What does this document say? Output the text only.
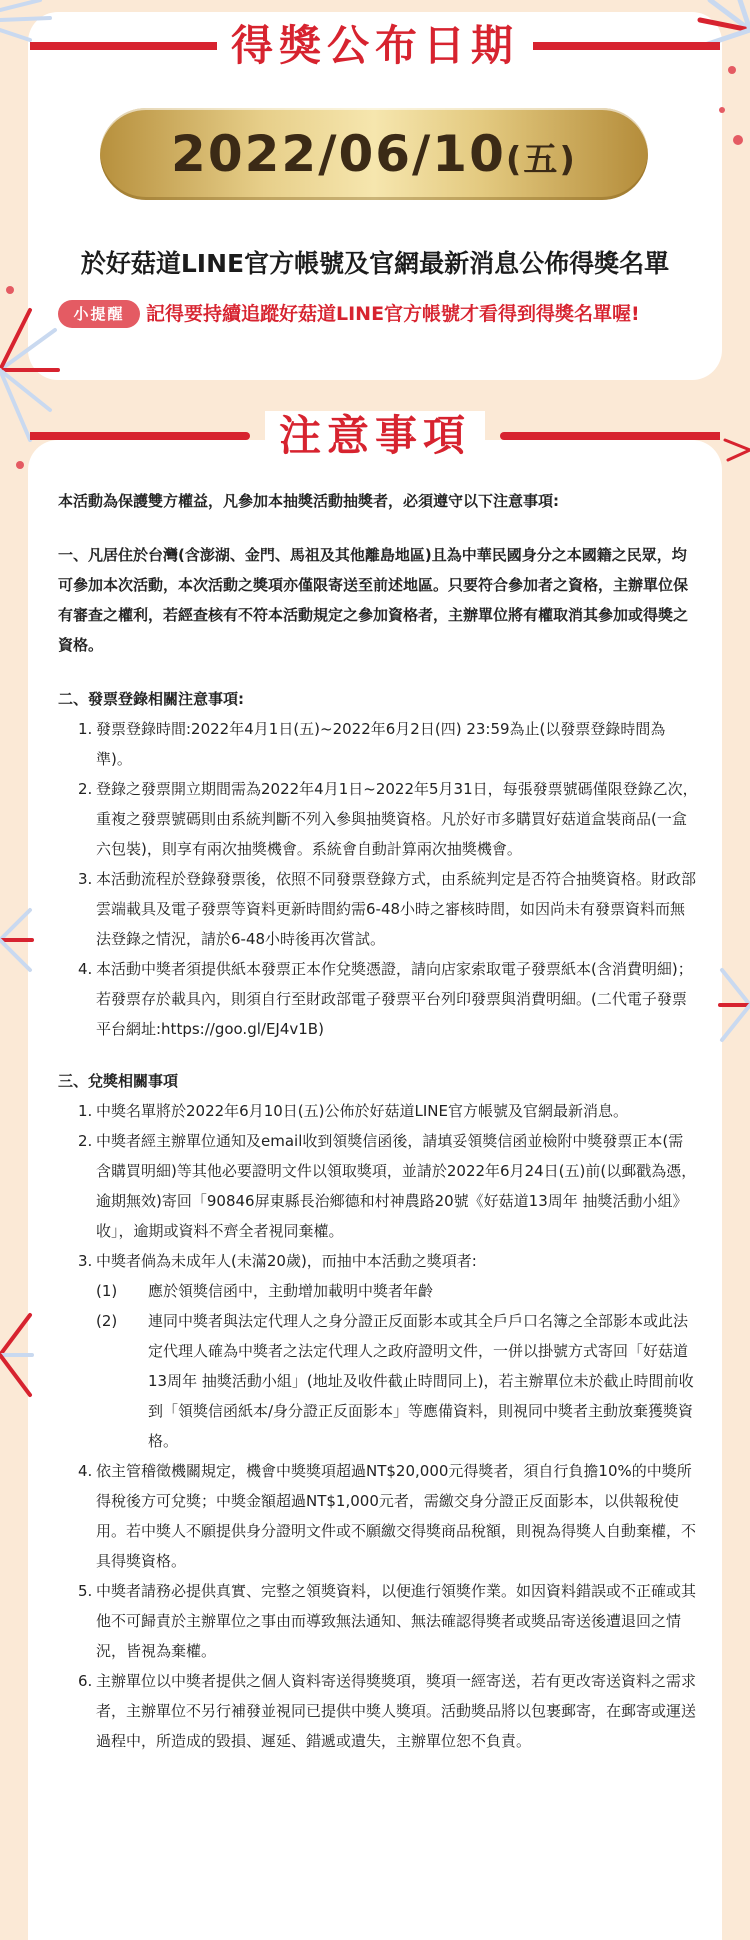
得獎公布日期
2022/06/10(五)
於好菇道LINE官方帳號及官網最新消息公佈得獎名單
小提醒	記得要持續追蹤好菇道LINE官方帳號才看得到得獎名單喔!
注意事項

本活動為保護雙方權益，凡參加本抽獎活動抽獎者，必須遵守以下注意事項:

一、凡居住於台灣(含澎湖、金門、馬祖及其他離島地區)且為中華民國身分之本國籍之民眾，均可參加本次活動，本次活動之獎項亦僅限寄送至前述地區。只要符合參加者之資格，主辦單位保有審查之權利，若經查核有不符本活動規定之參加資格者，主辦單位將有權取消其參加或得獎之資格。

二、發票登錄相關注意事項:

1. 發票登錄時間:2022年4月1日(五)~2022年6月2日(四) 23:59為止(以發票登錄時間為準)。
2. 登錄之發票開立期間需為2022年4月1日~2022年5月31日，每張發票號碼僅限登錄乙次，重複之發票號碼則由系統判斷不列入參與抽獎資格。凡於好市多購買好菇道盒裝商品(一盒六包裝)，則享有兩次抽獎機會。系統會自動計算兩次抽獎機會。
3. 本活動流程於登錄發票後，依照不同發票登錄方式，由系統判定是否符合抽獎資格。財政部雲端載具及電子發票等資料更新時間約需6-48小時之審核時間，如因尚未有發票資料而無法登錄之情況，請於6-48小時後再次嘗試。
4. 本活動中獎者須提供紙本發票正本作兌獎憑證，請向店家索取電子發票紙本(含消費明細)；若發票存於載具內，則須自行至財政部電子發票平台列印發票與消費明細。(二代電子發票平台網址:https://goo.gl/EJ4v1B)

三、兌獎相關事項

1. 中獎名單將於2022年6月10日(五)公佈於好菇道LINE官方帳號及官網最新消息。
2. 中獎者經主辦單位通知及email收到領獎信函後，請填妥領獎信函並檢附中獎發票正本(需含購買明細)等其他必要證明文件以領取獎項，並請於2022年6月24日(五)前(以郵戳為憑，逾期無效)寄回「90846屏東縣長治鄉德和村神農路20號《好菇道13周年 抽獎活動小組》收」，逾期或資料不齊全者視同棄權。
3. 中獎者倘為未成年人(未滿20歲)，而抽中本活動之獎項者:
(1) 應於領獎信函中，主動增加載明中獎者年齡
(2) 連同中獎者與法定代理人之身分證正反面影本或其全戶戶口名簿之全部影本或此法定代理人確為中獎者之法定代理人之政府證明文件，一併以掛號方式寄回「好菇道13周年 抽獎活動小組」(地址及收件截止時間同上)，若主辦單位未於截止時間前收到「領獎信函紙本/身分證正反面影本」等應備資料，則視同中獎者主動放棄獲獎資格。
4. 依主管稽徵機關規定，機會中獎獎項超過NT$20,000元得獎者，須自行負擔10%的中獎所得稅後方可兌獎；中獎金額超過NT$1,000元者，需繳交身分證正反面影本，以供報稅使用。若中獎人不願提供身分證明文件或不願繳交得獎商品稅額，則視為得獎人自動棄權，不具得獎資格。
5. 中獎者請務必提供真實、完整之領獎資料，以便進行領獎作業。如因資料錯誤或不正確或其他不可歸責於主辦單位之事由而導致無法通知、無法確認得獎者或獎品寄送後遭退回之情況，皆視為棄權。
6. 主辦單位以中獎者提供之個人資料寄送得獎獎項，獎項一經寄送，若有更改寄送資料之需求者，主辦單位不另行補發並視同已提供中獎人獎項。活動獎品將以包裹郵寄，在郵寄或運送過程中，所造成的毀損、遲延、錯遞或遺失，主辦單位恕不負責。
